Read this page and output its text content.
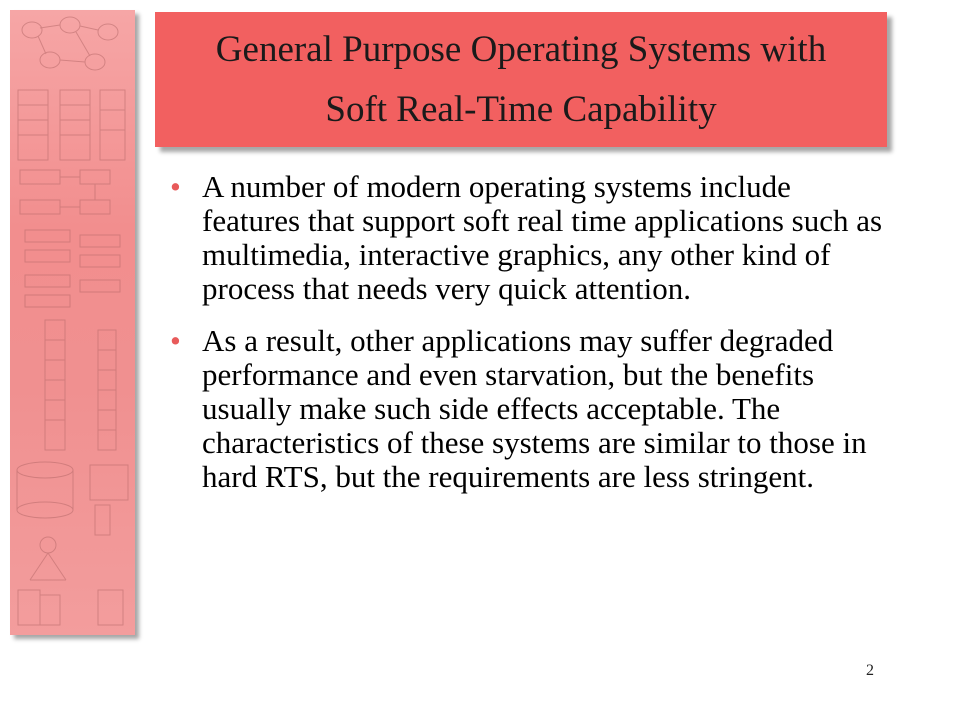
General Purpose Operating Systems with
Soft Real-Time Capability

• A number of modern operating systems include features that support soft real time applications such as multimedia, interactive graphics, any other kind of process that needs very quick attention.

• As a result, other applications may suffer degraded performance and even starvation, but the benefits usually make such side effects acceptable. The characteristics of these systems are similar to those in hard RTS, but the requirements are less stringent.

2
